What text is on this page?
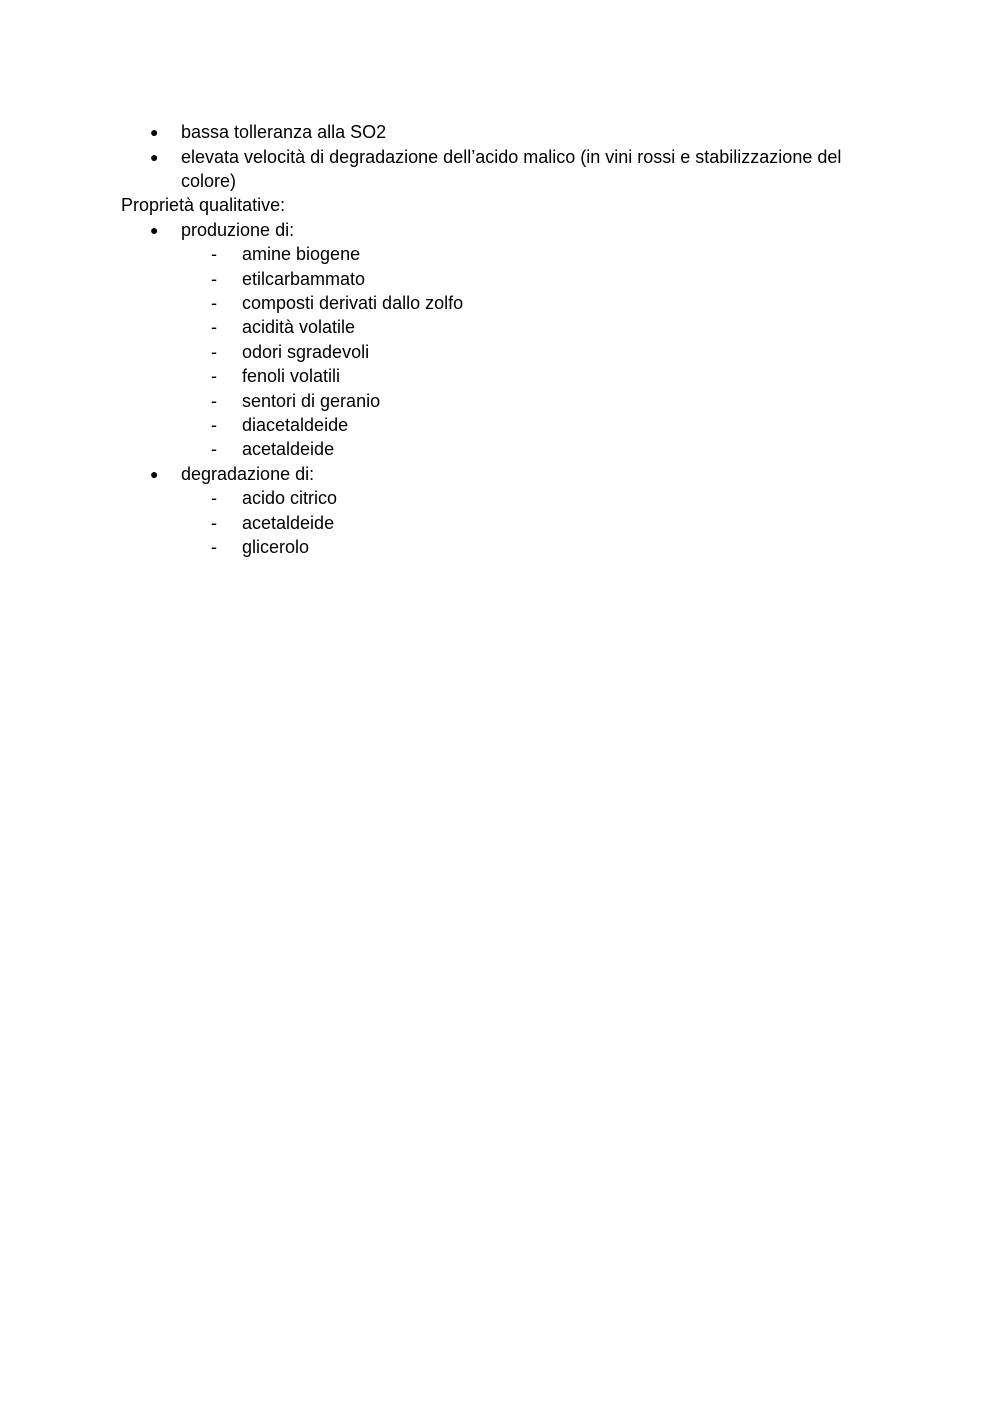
● bassa tolleranza alla SO2
● elevata velocità di degradazione dell’acido malico (in vini rossi e stabilizzazione del
colore)
Proprietà qualitative:
● produzione di:
- amine biogene
- etilcarbammato
- composti derivati dallo zolfo
- acidità volatile
- odori sgradevoli
- fenoli volatili
- sentori di geranio
- diacetaldeide
- acetaldeide
● degradazione di:
- acido citrico
- acetaldeide
- glicerolo
